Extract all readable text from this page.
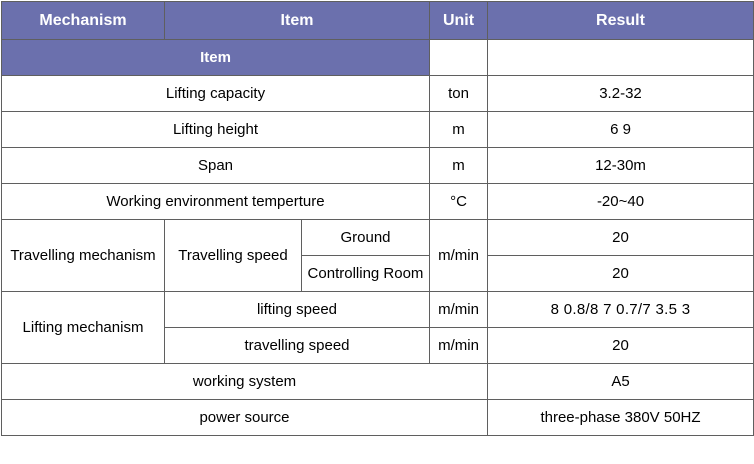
Mechanism	Item		Unit	Result
Item				
Lifting capacity			ton	3.2-32
Lifting height			m	6 9
Span			m	12-30m
Working environment temperture			°C	-20~40
Travelling mechanism	Travelling speed	Ground	m/min	20
		Controlling Room		20
Lifting mechanism	lifting speed		m/min	8 0.8/8 7 0.7/7 3.5 3
	travelling speed		m/min	20
working system				A5
power source				three-phase 380V 50HZ
